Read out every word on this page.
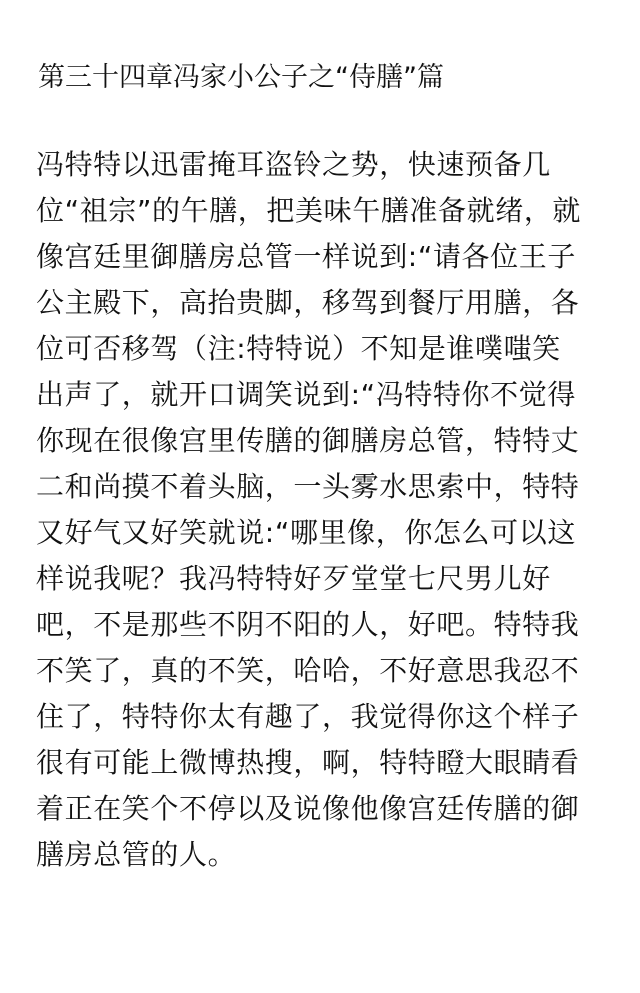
第三十四章冯家小公子之“侍膳”篇
冯特特以迅雷掩耳盗铃之势，快速预备几
位“祖宗”的午膳，把美味午膳准备就绪，就
像宫廷里御膳房总管一样说到:“请各位王子
公主殿下，高抬贵脚，移驾到餐厅用膳，各
位可否移驾（注:特特说）不知是谁噗嗤笑
出声了，就开口调笑说到:“冯特特你不觉得
你现在很像宫里传膳的御膳房总管，特特丈
二和尚摸不着头脑，一头雾水思索中，特特
又好气又好笑就说:“哪里像，你怎么可以这
样说我呢？我冯特特好歹堂堂七尺男儿好
吧，不是那些不阴不阳的人，好吧。特特我
不笑了，真的不笑，哈哈，不好意思我忍不
住了，特特你太有趣了，我觉得你这个样子
很有可能上微博热搜，啊，特特瞪大眼睛看
着正在笑个不停以及说像他像宫廷传膳的御
膳房总管的人。
